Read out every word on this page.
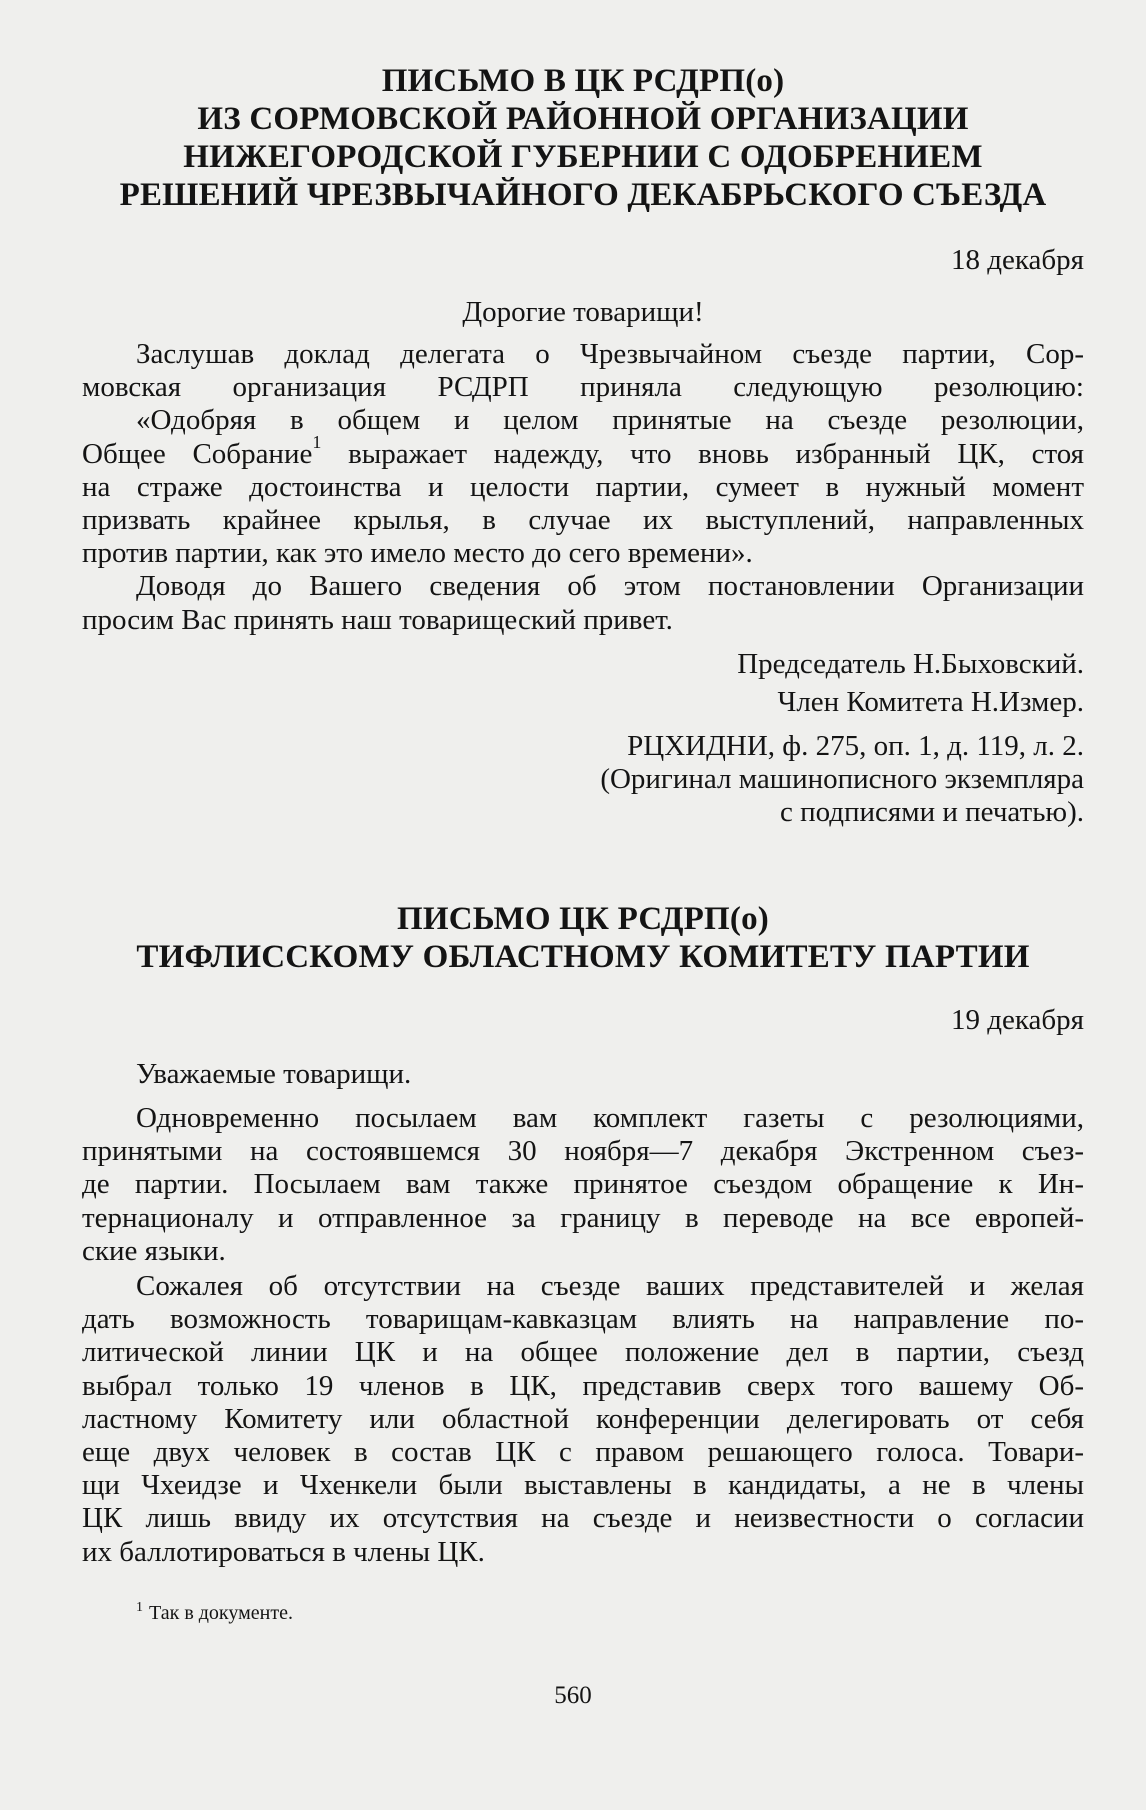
ПИСЬМО В ЦК РСДРП(о)
ИЗ СОРМОВСКОЙ РАЙОННОЙ ОРГАНИЗАЦИИ
НИЖЕГОРОДСКОЙ ГУБЕРНИИ С ОДОБРЕНИЕМ
РЕШЕНИЙ ЧРЕЗВЫЧАЙНОГО ДЕКАБРЬСКОГО СЪЕЗДА
18 декабря
Дорогие товарищи!
Заслушав доклад делегата о Чрезвычайном съезде партии, Сор-
мовская организация РСДРП приняла следующую резолюцию:
«Одобряя в общем и целом принятые на съезде резолюции,
Общее Собрание$^1$ выражает надежду, что вновь избранный ЦК, стоя
на страже достоинства и целости партии, сумеет в нужный момент
призвать крайнее крылья, в случае их выступлений, направленных
против партии, как это имело место до сего времени».
Доводя до Вашего сведения об этом постановлении Организации
просим Вас принять наш товарищеский привет.
Председатель Н.Быховский.
Член Комитета Н.Измер.
РЦХИДНИ, ф. 275, оп. 1, д. 119, л. 2.
(Оригинал машинописного экземпляра
с подписями и печатью).
ПИСЬМО ЦК РСДРП(о)
ТИФЛИССКОМУ ОБЛАСТНОМУ КОМИТЕТУ ПАРТИИ
19 декабря
Уважаемые товарищи.
Одновременно посылаем вам комплект газеты с резолюциями,
принятыми на состоявшемся 30 ноября—7 декабря Экстренном съез-
де партии. Посылаем вам также принятое съездом обращение к Ин-
тернационалу и отправленное за границу в переводе на все европей-
ские языки.
Сожалея об отсутствии на съезде ваших представителей и желая
дать возможность товарищам-кавказцам влиять на направление по-
литической линии ЦК и на общее положение дел в партии, съезд
выбрал только 19 членов в ЦК, представив сверх того вашему Об-
ластному Комитету или областной конференции делегировать от себя
еще двух человек в состав ЦК с правом решающего голоса. Товари-
щи Чхеидзе и Чхенкели были выставлены в кандидаты, а не в члены
ЦК лишь ввиду их отсутствия на съезде и неизвестности о согласии
их баллотироваться в члены ЦК.
$^1$ Так в документе.
560
